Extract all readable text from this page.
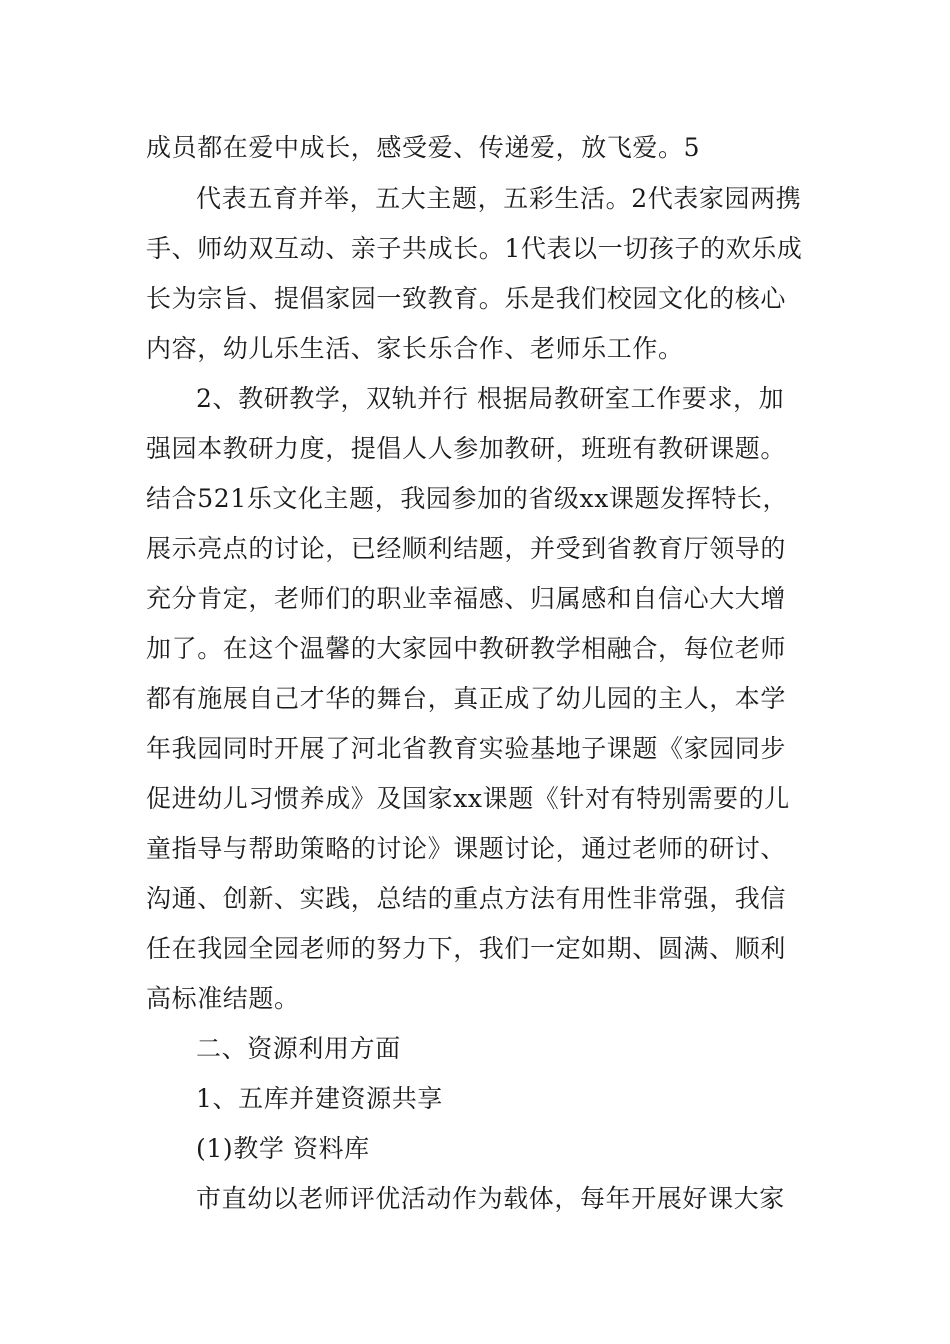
成员都在爱中成长，感受爱、传递爱，放飞爱。5
代表五育并举，五大主题，五彩生活。2代表家园两携
手、师幼双互动、亲子共成长。1代表以一切孩子的欢乐成
长为宗旨、提倡家园一致教育。乐是我们校园文化的核心
内容，幼儿乐生活、家长乐合作、老师乐工作。
2、教研教学，双轨并行 根据局教研室工作要求，加
强园本教研力度，提倡人人参加教研，班班有教研课题。
结合521乐文化主题，我园参加的省级xx课题发挥特长，
展示亮点的讨论，已经顺利结题，并受到省教育厅领导的
充分肯定，老师们的职业幸福感、归属感和自信心大大增
加了。在这个温馨的大家园中教研教学相融合，每位老师
都有施展自己才华的舞台，真正成了幼儿园的主人，本学
年我园同时开展了河北省教育实验基地子课题《家园同步
促进幼儿习惯养成》及国家xx课题《针对有特别需要的儿
童指导与帮助策略的讨论》课题讨论，通过老师的研讨、
沟通、创新、实践，总结的重点方法有用性非常强，我信
任在我园全园老师的努力下，我们一定如期、圆满、顺利
高标准结题。
二、资源利用方面
1、五库并建资源共享
(1)教学 资料库
市直幼以老师评优活动作为载体，每年开展好课大家
